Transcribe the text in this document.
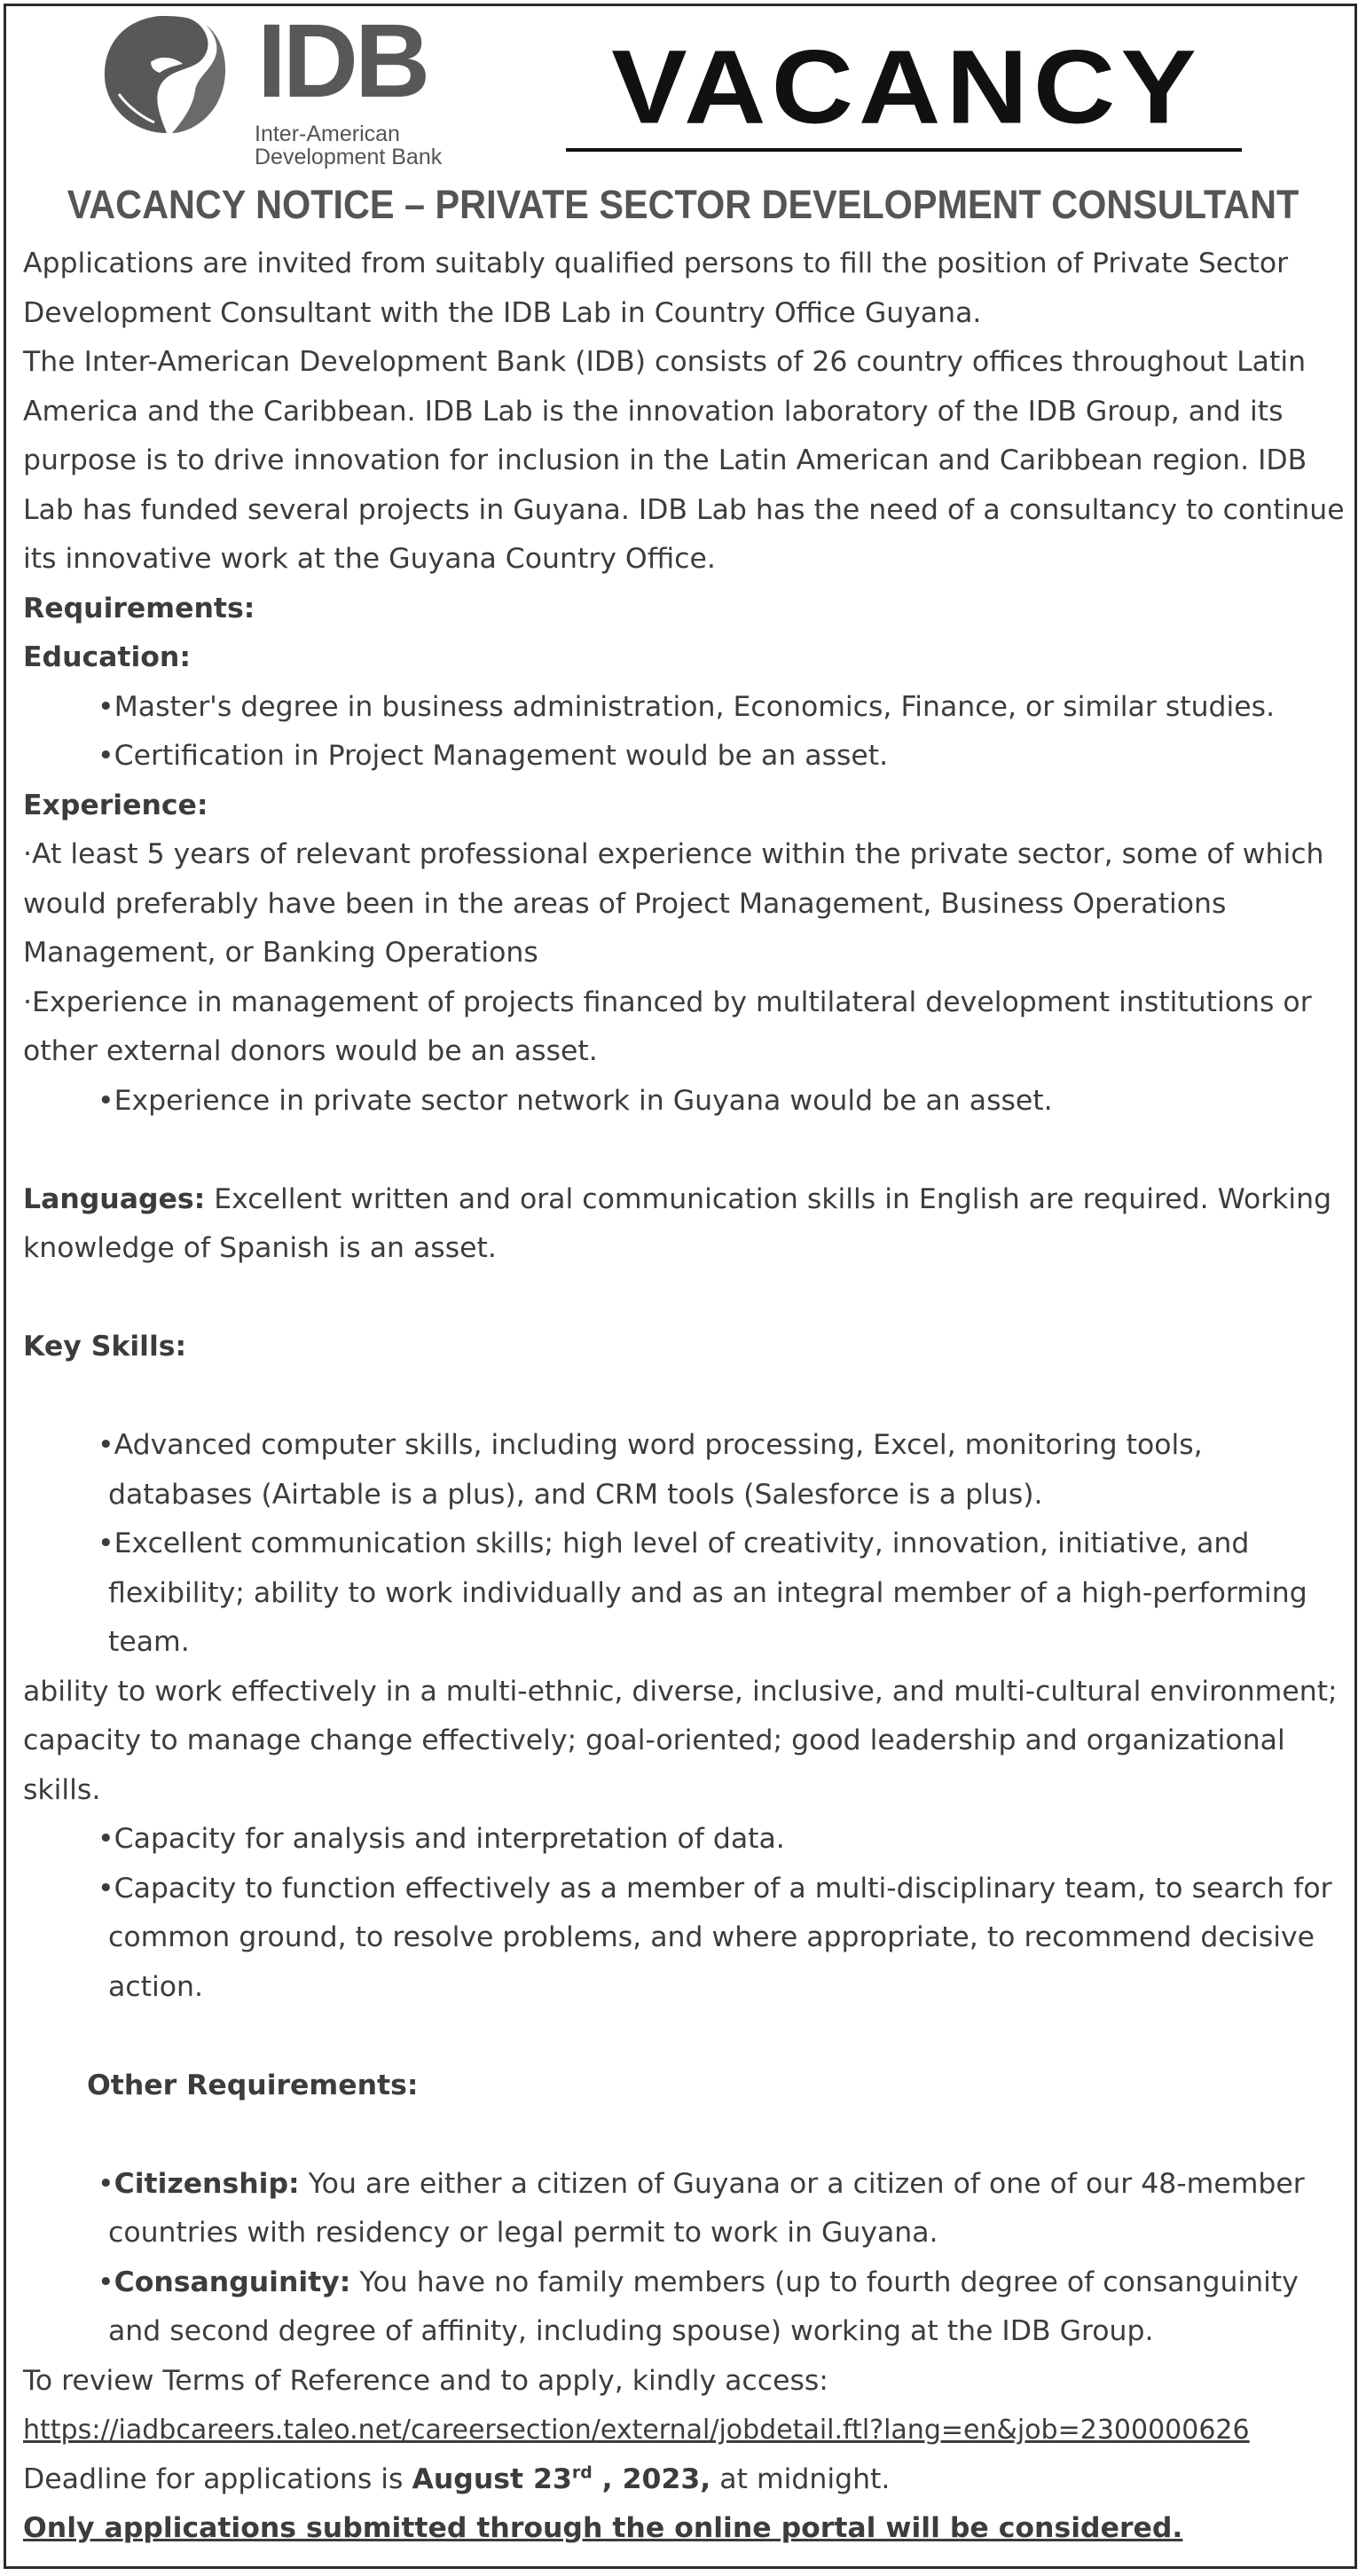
IDB
Inter-American
Development Bank
VACANCY
VACANCY NOTICE – PRIVATE SECTOR DEVELOPMENT CONSULTANT

Applications are invited from suitably qualified persons to fill the position of Private Sector Development Consultant with the IDB Lab in Country Office Guyana.

The Inter-American Development Bank (IDB) consists of 26 country offices throughout Latin America and the Caribbean. IDB Lab is the innovation laboratory of the IDB Group, and its purpose is to drive innovation for inclusion in the Latin American and Caribbean region. IDB Lab has funded several projects in Guyana. IDB Lab has the need of a consultancy to continue its innovative work at the Guyana Country Office.

Requirements:

Education:

•Master's degree in business administration, Economics, Finance, or similar studies.

•Certification in Project Management would be an asset.

Experience:

·At least 5 years of relevant professional experience within the private sector, some of which would preferably have been in the areas of Project Management, Business Operations Management, or Banking Operations

·Experience in management of projects financed by multilateral development institutions or other external donors would be an asset.

•Experience in private sector network in Guyana would be an asset.

Languages: Excellent written and oral communication skills in English are required. Working knowledge of Spanish is an asset.

Key Skills:

•Advanced computer skills, including word processing, Excel, monitoring tools, databases (Airtable is a plus), and CRM tools (Salesforce is a plus).

•Excellent communication skills; high level of creativity, innovation, initiative, and flexibility; ability to work individually and as an integral member of a high-performing team.

ability to work effectively in a multi-ethnic, diverse, inclusive, and multi-cultural environment; capacity to manage change effectively; goal-oriented; good leadership and organizational skills.

•Capacity for analysis and interpretation of data.

•Capacity to function effectively as a member of a multi-disciplinary team, to search for common ground, to resolve problems, and where appropriate, to recommend decisive action.

Other Requirements:

•Citizenship: You are either a citizen of Guyana or a citizen of one of our 48-member countries with residency or legal permit to work in Guyana.

•Consanguinity: You have no family members (up to fourth degree of consanguinity and second degree of affinity, including spouse) working at the IDB Group.

To review Terms of Reference and to apply, kindly access:

https://iadbcareers.taleo.net/careersection/external/jobdetail.ftl?lang=en&job=2300000626

Deadline for applications is August 23rd , 2023, at midnight.

Only applications submitted through the online portal will be considered.
